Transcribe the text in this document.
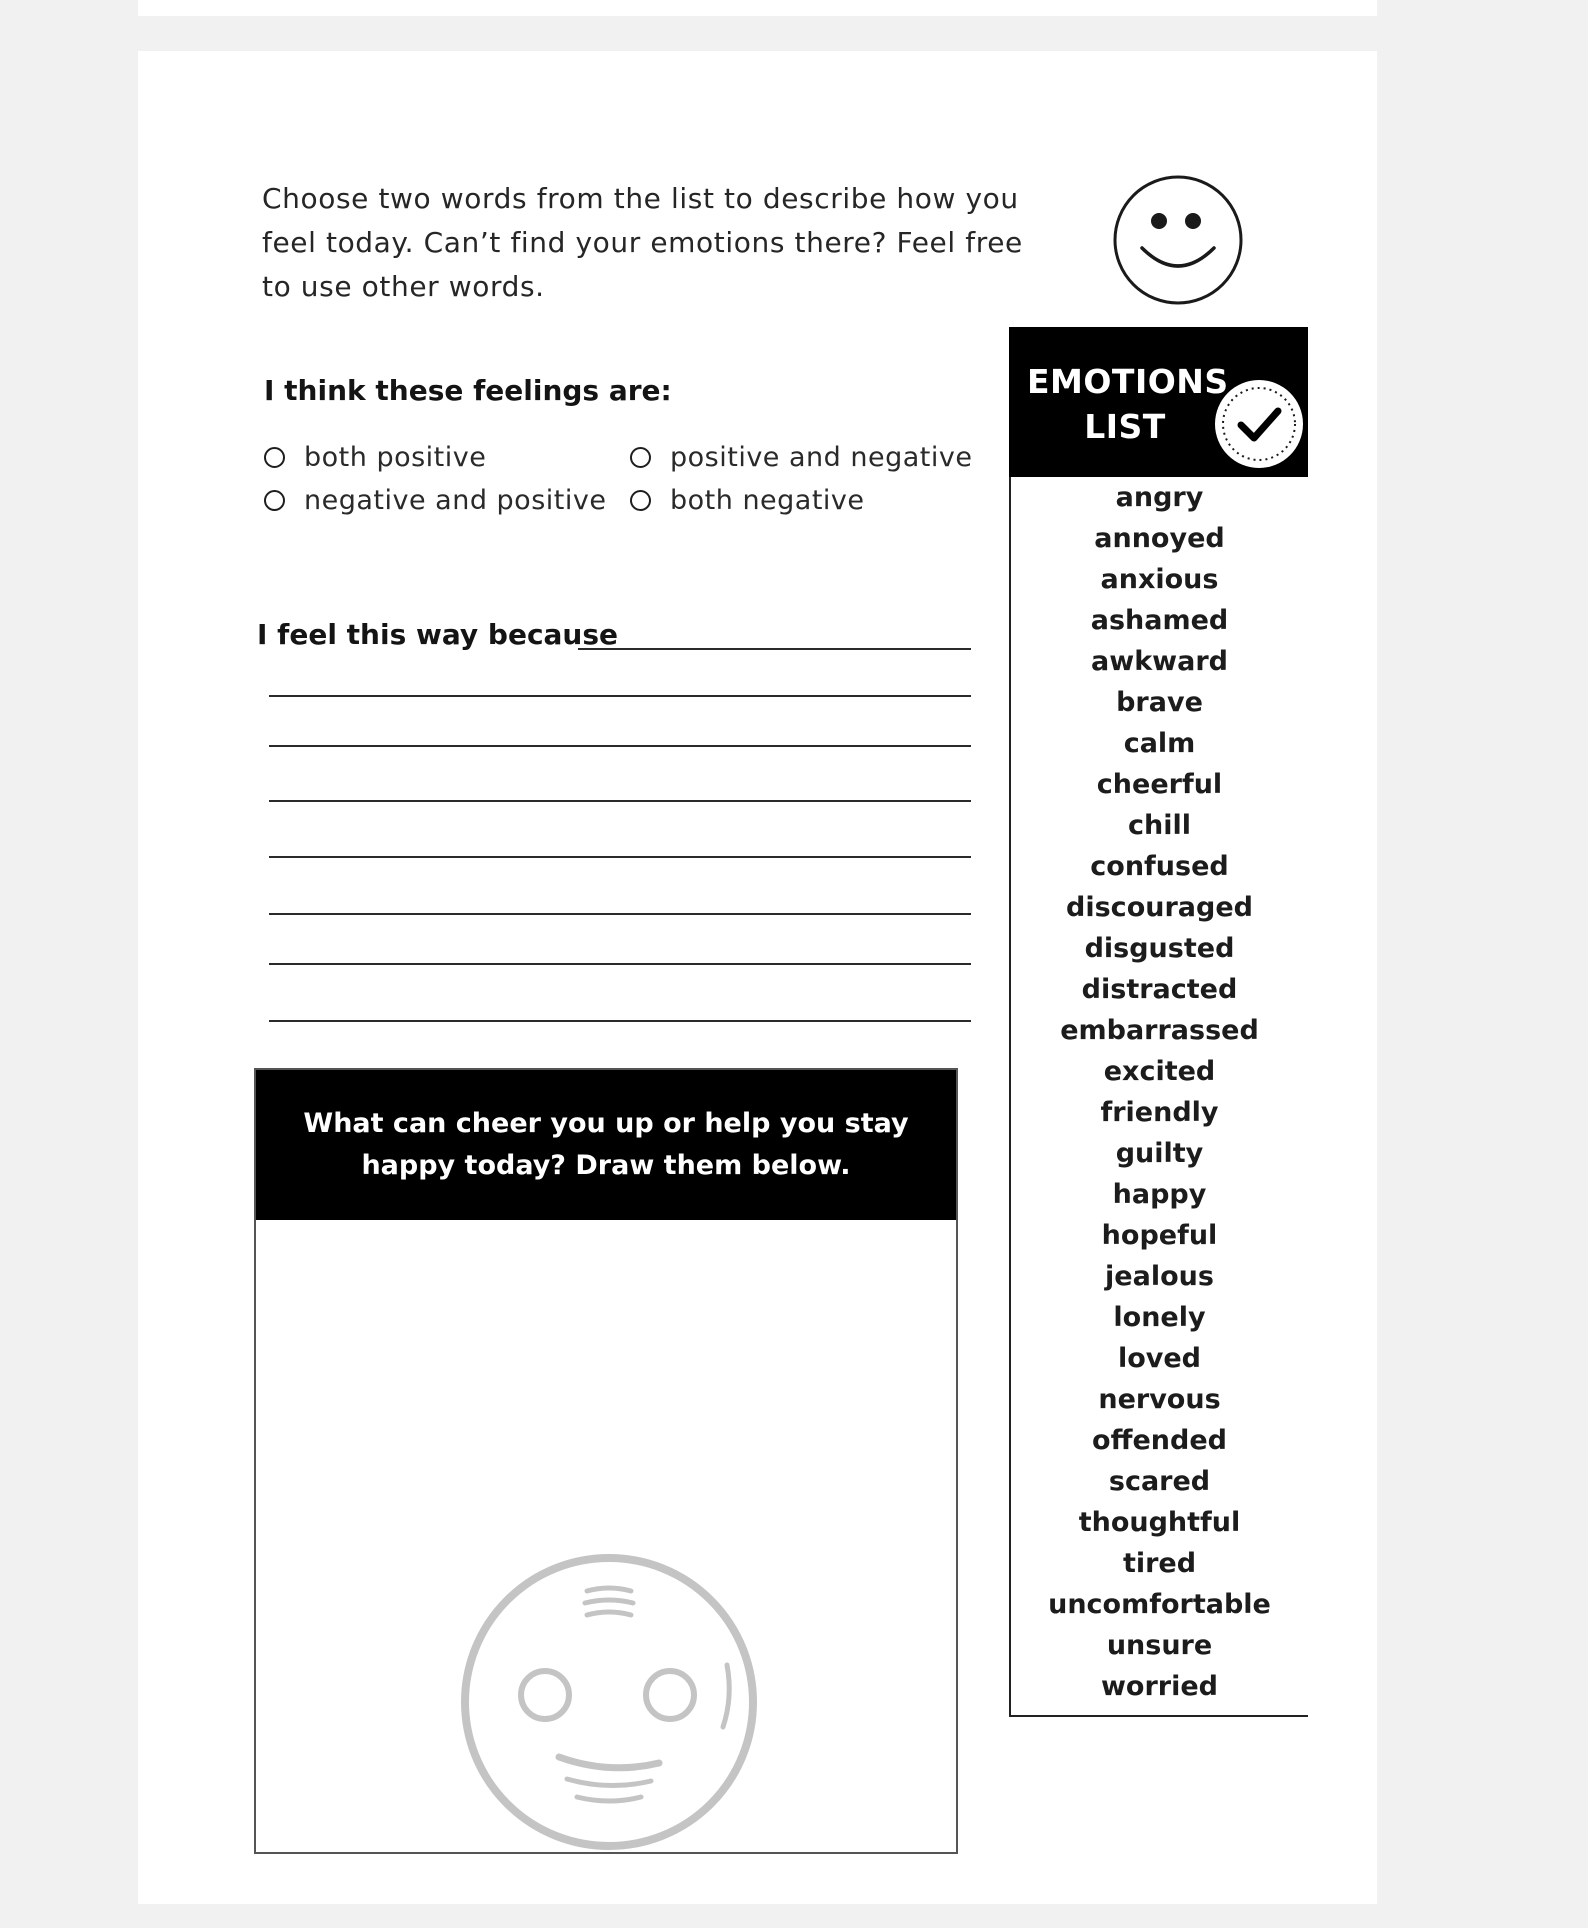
Choose two words from the list to describe how you feel today. Can’t find your emotions there? Feel free to use other words.

I think these feelings are:
both positive	positive and negative
negative and positive both negative

I feel this way because

What can cheer you up or help you stay happy today? Draw them below.
EMOTIONS LIST
angry
annoyed
anxious
ashamed
awkward
brave
calm
cheerful
chill
confused
discouraged
disgusted
distracted
embarrassed
excited
friendly
guilty
happy
hopeful
jealous
lonely
loved
nervous
offended
scared
thoughtful
tired
uncomfortable
unsure
worried
